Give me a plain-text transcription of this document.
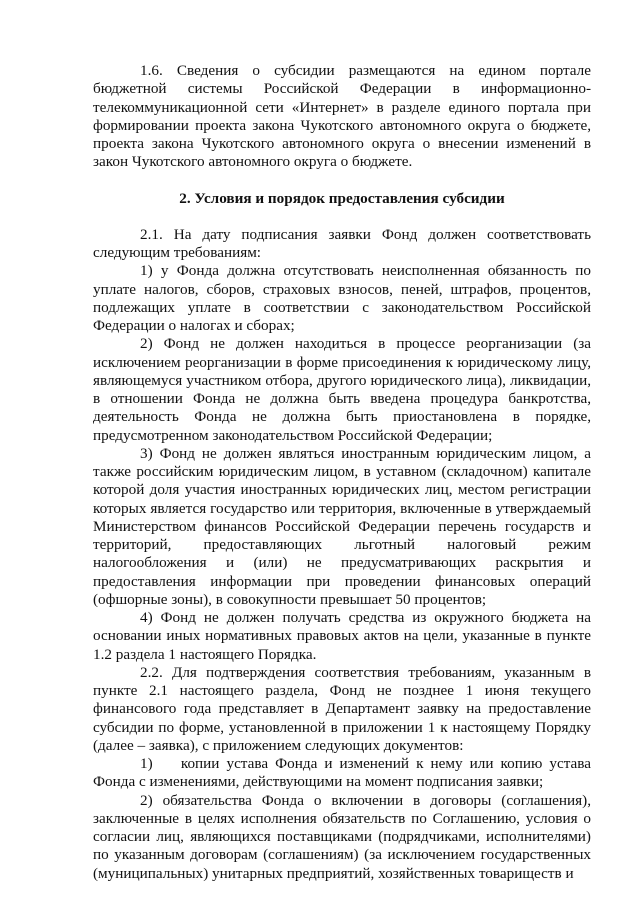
1.6. Сведения о субсидии размещаются на едином портале бюджетной системы Российской Федерации в информационно-телекоммуникационной сети «Интернет» в разделе единого портала при формировании проекта закона Чукотского автономного округа о бюджете, проекта закона Чукотского автономного округа о внесении изменений в закон Чукотского автономного округа о бюджете.

2. Условия и порядок предоставления субсидии

2.1. На дату подписания заявки Фонд должен соответствовать следующим требованиям:

1) у Фонда должна отсутствовать неисполненная обязанность по уплате налогов, сборов, страховых взносов, пеней, штрафов, процентов, подлежащих уплате в соответствии с законодательством Российской Федерации о налогах и сборах;

2) Фонд не должен находиться в процессе реорганизации (за исключением реорганизации в форме присоединения к юридическому лицу, являющемуся участником отбора, другого юридического лица), ликвидации, в отношении Фонда не должна быть введена процедура банкротства, деятельность Фонда не должна быть приостановлена в порядке, предусмотренном законодательством Российской Федерации;

3) Фонд не должен являться иностранным юридическим лицом, а также российским юридическим лицом, в уставном (складочном) капитале которой доля участия иностранных юридических лиц, местом регистрации которых является государство или территория, включенные в утверждаемый Министерством финансов Российской Федерации перечень государств и территорий, предоставляющих льготный налоговый режим налогообложения и (или) не предусматривающих раскрытия и предоставления информации при проведении финансовых операций (офшорные зоны), в совокупности превышает 50 процентов;

4) Фонд не должен получать средства из окружного бюджета на основании иных нормативных правовых актов на цели, указанные в пункте 1.2 раздела 1 настоящего Порядка.

2.2. Для подтверждения соответствия требованиям, указанным в пункте 2.1 настоящего раздела, Фонд не позднее 1 июня текущего финансового года представляет в Департамент заявку на предоставление субсидии по форме, установленной в приложении 1 к настоящему Порядку (далее – заявка), с приложением следующих документов:

1)    копии устава Фонда и изменений к нему или копию устава Фонда с изменениями, действующими на момент подписания заявки;

2) обязательства Фонда о включении в договоры (соглашения), заключенные в целях исполнения обязательств по Соглашению, условия о согласии лиц, являющихся поставщиками (подрядчиками, исполнителями) по указанным договорам (соглашениям) (за исключением государственных (муниципальных) унитарных предприятий, хозяйственных товариществ и
